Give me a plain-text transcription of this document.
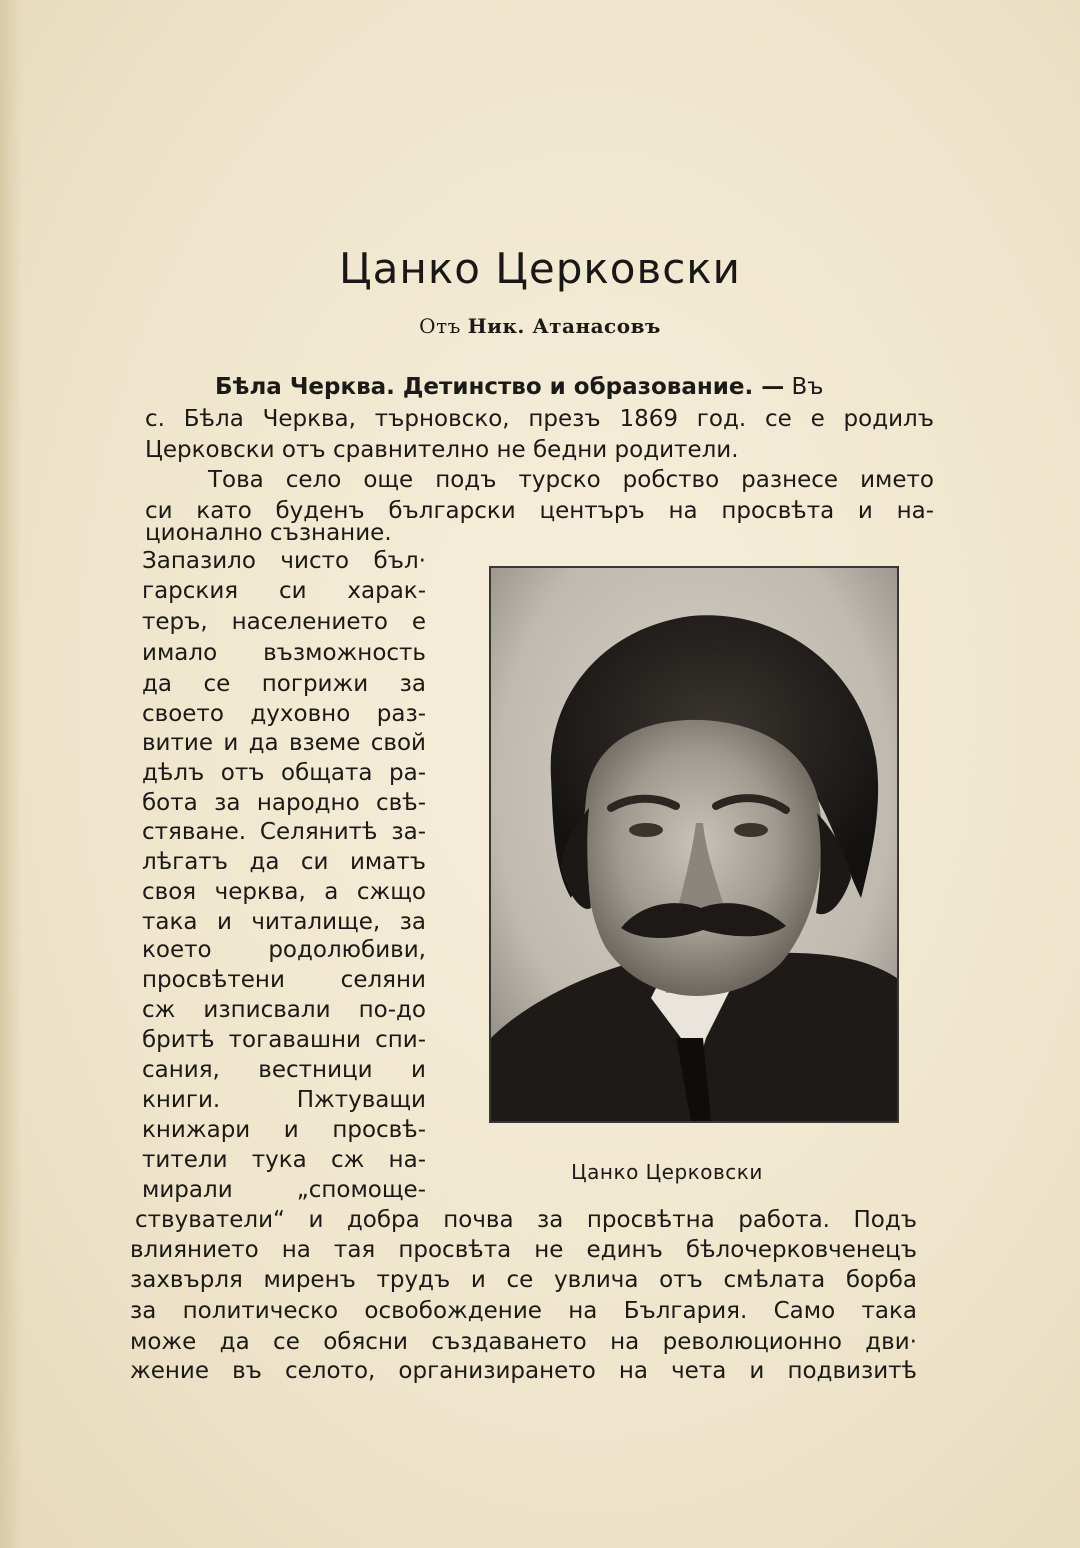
Цанко Церковски
Отъ Ник. Атанасовъ
Бѣла Черква. Детинство и образование. — Въ
с. Бѣла Черква, търновско, презъ 1869 год. се е родилъ
Церковски отъ сравнително не бедни родители.
Това село още подъ турско робство разнесе името
си като буденъ български центъръ на просвѣта и на-
ционално съзнание.
Запазило чисто бъл·
гарския си харак-
теръ, населението е
имало възможность
да се погрижи за
своето духовно раз-
витие и да вземе свой
дѣлъ отъ общата ра-
бота за народно свѣ-
стяване. Селянитѣ за-
лѣгатъ да си иматъ
своя черква, а сжщо
така и читалище, за
което родолюбиви,
просвѣтени селяни
сж изписвали по-до
бритѣ тогавашни спи-
сания, вестници и
книги. Пжтуващи
книжари и просвѣ-
тители тука сж на-
мирали „спомоще-
Цанко Церковски
ствуватели“ и добра почва за просвѣтна работа. Подъ
влиянието на тая просвѣта не единъ бѣлочерковченецъ
захвърля миренъ трудъ и се увлича отъ смѣлата борба
за политическо освобождение на България. Само така
може да се обясни създаването на революционно дви·
жение въ селото, организирането на чета и подвизитѣ
